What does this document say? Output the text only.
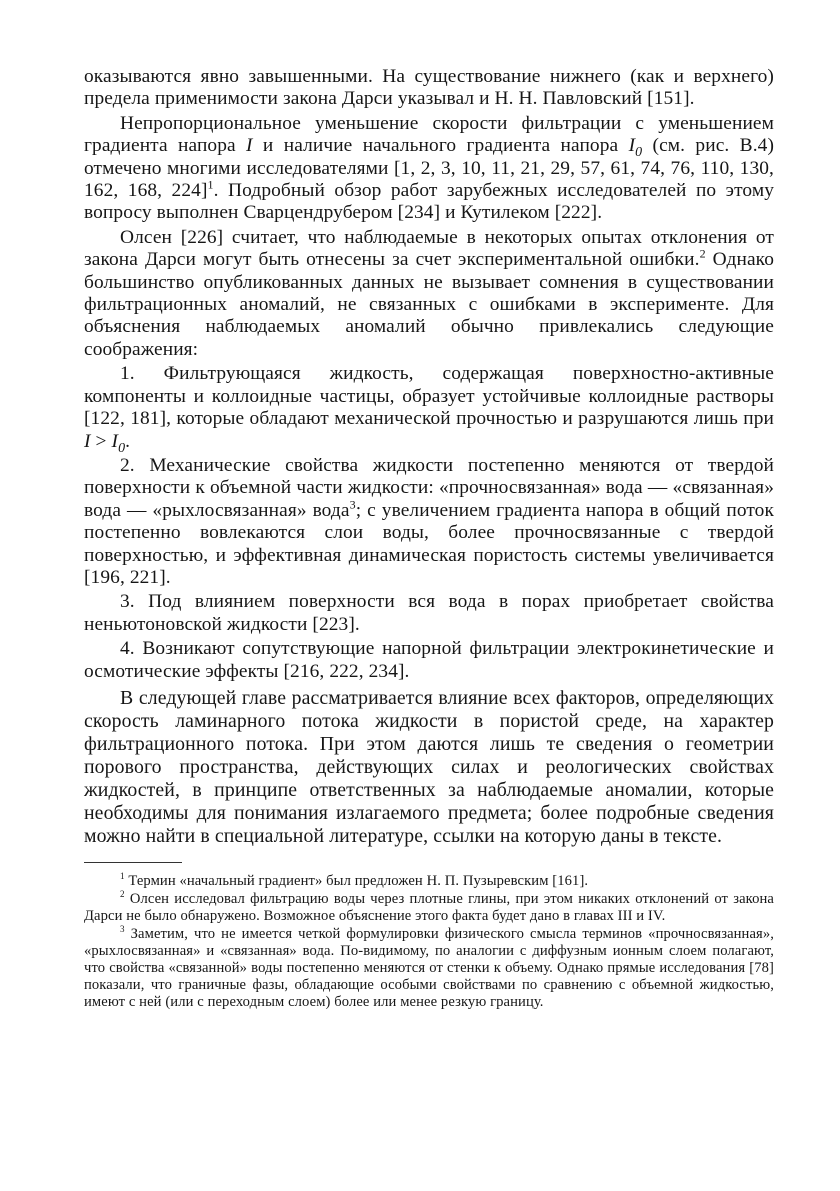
оказываются явно завышенными. На существование нижнего (как и верхнего) предела применимости закона Дарси указывал и Н. Н. Павловский [151].

Непропорциональное уменьшение скорости фильтрации с уменьшением градиента напора I и наличие начального градиента напора $I_0$ (см. рис. В.4) отмечено многими исследователями [1, 2, 3, 10, 11, 21, 29, 57, 61, 74, 76, 110, 130, 162, 168, 224]$^1$. Подробный обзор работ зарубежных исследователей по этому вопросу выполнен Сварцендрубером [234] и Кутилеком [222].

Олсен [226] считает, что наблюдаемые в некоторых опытах отклонения от закона Дарси могут быть отнесены за счет экспериментальной ошибки.$^2$ Однако большинство опубликованных данных не вызывает сомнения в существовании фильтрационных аномалий, не связанных с ошибками в эксперименте. Для объяснения наблюдаемых аномалий обычно привлекались следующие соображения:

1. Фильтрующаяся жидкость, содержащая поверхностно-активные компоненты и коллоидные частицы, образует устойчивые коллоидные растворы [122, 181], которые обладают механической прочностью и разрушаются лишь при $I > I_0$.

2. Механические свойства жидкости постепенно меняются от твердой поверхности к объемной части жидкости: «прочносвязанная» вода — «связанная» вода — «рыхлосвязанная» вода$^3$; с увеличением градиента напора в общий поток постепенно вовлекаются слои воды, более прочносвязанные с твердой поверхностью, и эффективная динамическая пористость системы увеличивается [196, 221].

3. Под влиянием поверхности вся вода в порах приобретает свойства неньютоновской жидкости [223].

4. Возникают сопутствующие напорной фильтрации электрокинетические и осмотические эффекты [216, 222, 234].

В следующей главе рассматривается влияние всех факторов, определяющих скорость ламинарного потока жидкости в пористой среде, на характер фильтрационного потока. При этом даются лишь те сведения о геометрии порового пространства, действующих силах и реологических свойствах жидкостей, в принципе ответственных за наблюдаемые аномалии, которые необходимы для понимания излагаемого предмета; более подробные сведения можно найти в специальной литературе, ссылки на которую даны в тексте.

$^1$ Термин «начальный градиент» был предложен Н. П. Пузыревским [161].

$^2$ Олсен исследовал фильтрацию воды через плотные глины, при этом никаких отклонений от закона Дарси не было обнаружено. Возможное объяснение этого факта будет дано в главах III и IV.

$^3$ Заметим, что не имеется четкой формулировки физического смысла терминов «прочносвязанная», «рыхлосвязанная» и «связанная» вода. По-видимому, по аналогии с диффузным ионным слоем полагают, что свойства «связанной» воды постепенно меняются от стенки к объему. Однако прямые исследования [78] показали, что граничные фазы, обладающие особыми свойствами по сравнению с объемной жидкостью, имеют с ней (или с переходным слоем) более или менее резкую границу.
